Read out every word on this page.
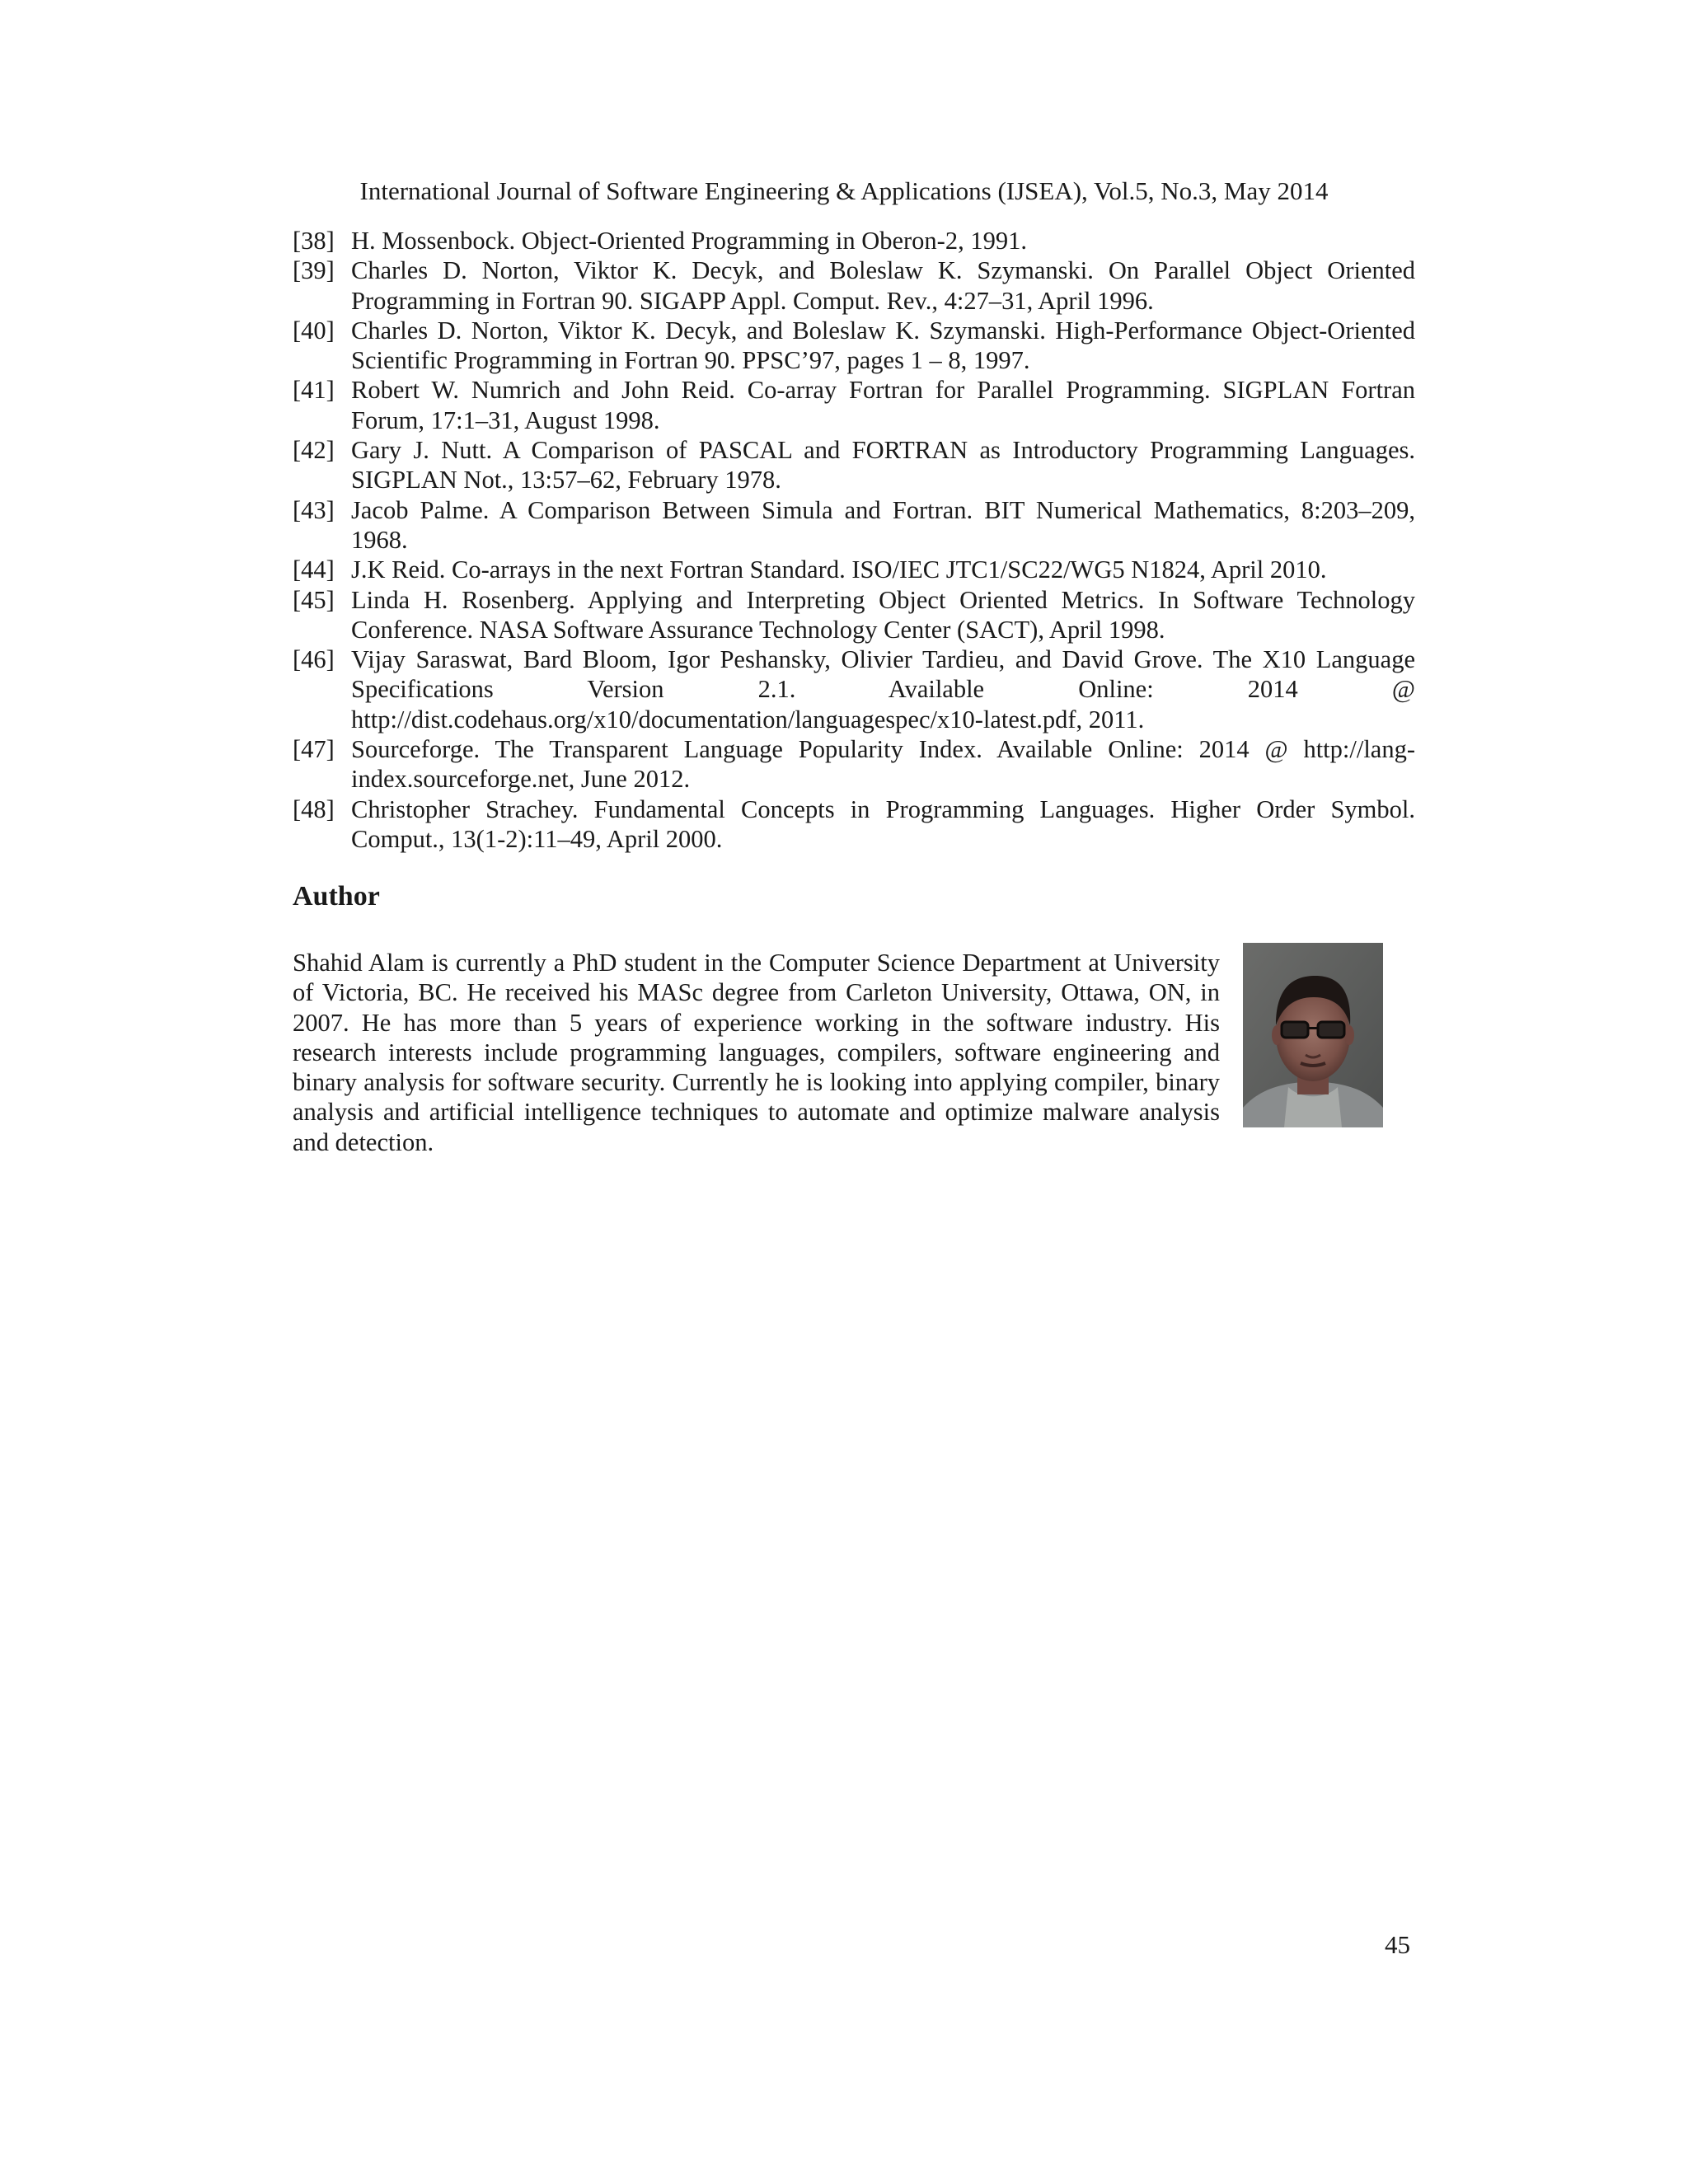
International Journal of Software Engineering & Applications (IJSEA), Vol.5, No.3, May 2014
[38] H. Mossenbock. Object-Oriented Programming in Oberon-2, 1991.
[39] Charles D. Norton, Viktor K. Decyk, and Boleslaw K. Szymanski. On Parallel Object Oriented Programming in Fortran 90. SIGAPP Appl. Comput. Rev., 4:27–31, April 1996.
[40] Charles D. Norton, Viktor K. Decyk, and Boleslaw K. Szymanski. High-Performance Object-Oriented Scientific Programming in Fortran 90. PPSC’97, pages 1 – 8, 1997.
[41] Robert W. Numrich and John Reid. Co-array Fortran for Parallel Programming. SIGPLAN Fortran Forum, 17:1–31, August 1998.
[42] Gary J. Nutt. A Comparison of PASCAL and FORTRAN as Introductory Programming Languages. SIGPLAN Not., 13:57–62, February 1978.
[43] Jacob Palme. A Comparison Between Simula and Fortran. BIT Numerical Mathematics, 8:203–209, 1968.
[44] J.K Reid. Co-arrays in the next Fortran Standard. ISO/IEC JTC1/SC22/WG5 N1824, April 2010.
[45] Linda H. Rosenberg. Applying and Interpreting Object Oriented Metrics. In Software Technology Conference. NASA Software Assurance Technology Center (SACT), April 1998.
[46] Vijay Saraswat, Bard Bloom, Igor Peshansky, Olivier Tardieu, and David Grove. The X10 Language
Specifications Version 2.1. Available Online: 2014 @
http://dist.codehaus.org/x10/documentation/languagespec/x10-latest.pdf, 2011.
[47] Sourceforge. The Transparent Language Popularity Index. Available Online: 2014 @ http://lang-index.sourceforge.net, June 2012.
[48] Christopher Strachey. Fundamental Concepts in Programming Languages. Higher Order Symbol. Comput., 13(1-2):11–49, April 2000.
Author
Shahid Alam is currently a PhD student in the Computer Science Department at University of Victoria, BC. He received his MASc degree from Carleton University, Ottawa, ON, in 2007. He has more than 5 years of experience working in the software industry. His research interests include programming languages, compilers, software engineering and binary analysis for software security. Currently he is looking into applying compiler, binary analysis and artificial intelligence techniques to automate and optimize malware analysis and detection.
45
